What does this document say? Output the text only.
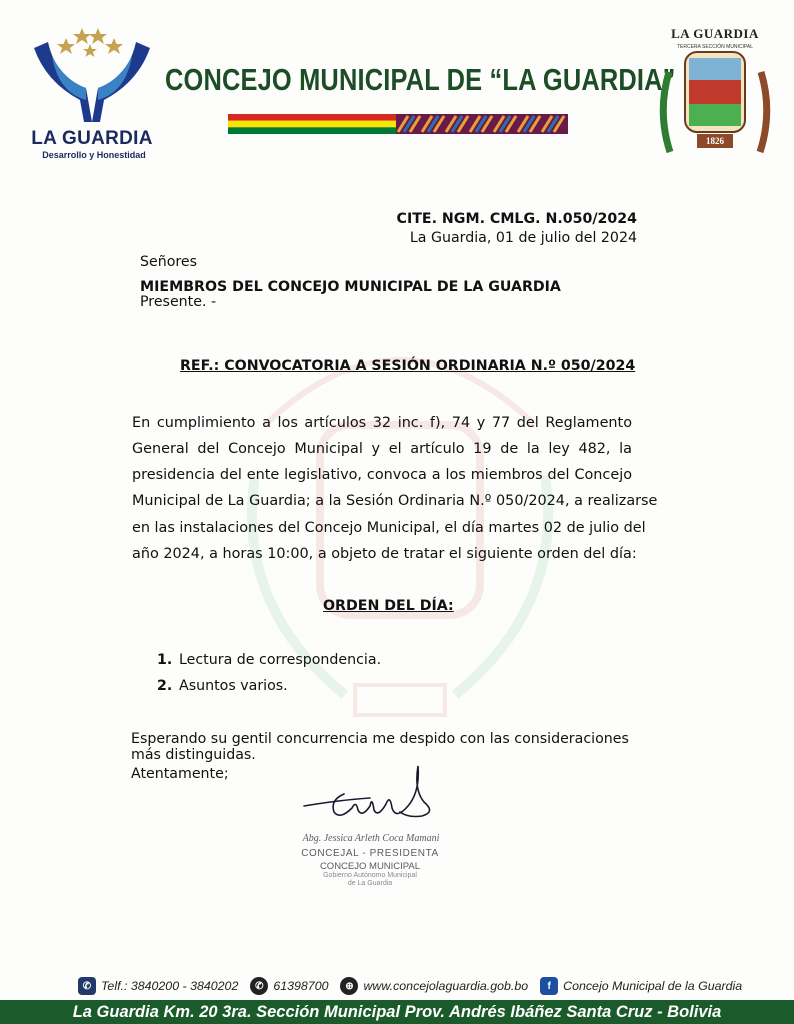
LA GUARDIA
Desarrollo y Honestidad
CONCEJO MUNICIPAL DE “LA GUARDIA”
LA GUARDIA
TERCERA SECCIÓN MUNICIPAL
1826
CITE. NGM. CMLG. N.050/2024
La Guardia, 01 de julio del 2024
Señores
MIEMBROS DEL CONCEJO MUNICIPAL DE LA GUARDIA
Presente. -
REF.: CONVOCATORIA A SESIÓN ORDINARIA N.º 050/2024
En cumplimiento a los artículos 32 inc. f), 74 y 77 del Reglamento
General del Concejo Municipal y el artículo 19 de la ley 482, la
presidencia del ente legislativo, convoca a los miembros del Concejo
Municipal de La Guardia; a la Sesión Ordinaria N.º 050/2024, a realizarse
en las instalaciones del Concejo Municipal, el día martes 02 de julio del
año 2024, a horas 10:00, a objeto de tratar el siguiente orden del día:
ORDEN DEL DÍA:
1. Lectura de correspondencia.
2. Asuntos varios.
Esperando su gentil concurrencia me despido con las consideraciones
más distinguidas.
Atentamente;
Abg. Jessica Arleth Coca Mamani
CONCEJAL - PRESIDENTA
CONCEJO MUNICIPAL
Gobierno Autónomo Municipal
de La Guardia
✆ Telf.: 3840200 - 3840202	✆ 61398700	⊕ www.concejolaguardia.gob.bo	f Concejo Municipal de la Guardia
La Guardia Km. 20 3ra. Sección Municipal Prov. Andrés Ibáñez Santa Cruz - Bolivia
